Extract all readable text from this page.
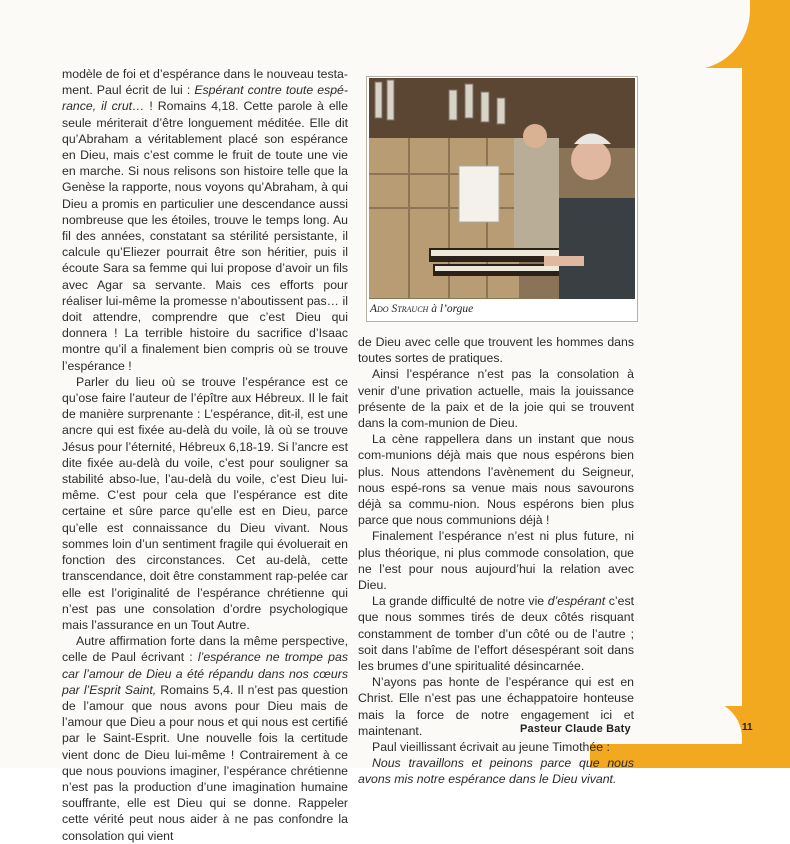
modèle de foi et d’espérance dans le nouveau testa-ment. Paul écrit de lui : Espérant contre toute espé-rance, il crut… ! Romains 4,18. Cette parole à elle seule mériterait d’être longuement méditée. Elle dit qu’Abraham a véritablement placé son espérance en Dieu, mais c’est comme le fruit de toute une vie en marche. Si nous relisons son histoire telle que la Genèse la rapporte, nous voyons qu’Abraham, à qui Dieu a promis en particulier une descendance aussi nombreuse que les étoiles, trouve le temps long. Au fil des années, constatant sa stérilité persistante, il calcule qu’Eliezer pourrait être son héritier, puis il écoute Sara sa femme qui lui propose d’avoir un fils avec Agar sa servante. Mais ces efforts pour réaliser lui-même la promesse n’aboutissent pas… il doit attendre, comprendre que c’est Dieu qui donnera ! La terrible histoire du sacrifice d’Isaac montre qu’il a finalement bien compris où se trouve l’espérance !

Parler du lieu où se trouve l’espérance est ce qu’ose faire l’auteur de l’épître aux Hébreux. Il le fait de manière surprenante : L’espérance, dit-il, est une ancre qui est fixée au-delà du voile, là où se trouve Jésus pour l’éternité, Hébreux 6,18-19. Si l’ancre est dite fixée au-delà du voile, c’est pour souligner sa stabilité abso-lue, l’au-delà du voile, c’est Dieu lui-même. C’est pour cela que l’espérance est dite certaine et sûre parce qu’elle est en Dieu, parce qu’elle est connaissance du Dieu vivant. Nous sommes loin d’un sentiment fragile qui évoluerait en fonction des circonstances. Cet au-delà, cette transcendance, doit être constamment rap-pelée car elle est l’originalité de l’espérance chrétienne qui n’est pas une consolation d’ordre psychologique mais l’assurance en un Tout Autre.

Autre affirmation forte dans la même perspective, celle de Paul écrivant : l’espérance ne trompe pas car l’amour de Dieu a été répandu dans nos cœurs par l’Esprit Saint, Romains 5,4. Il n’est pas question de l’amour que nous avons pour Dieu mais de l’amour que Dieu a pour nous et qui nous est certifié par le Saint-Esprit. Une nouvelle fois la certitude vient donc de Dieu lui-même ! Contrairement à ce que nous pouvions imaginer, l’espérance chrétienne n’est pas la production d’une imagination humaine souffrante, elle est Dieu qui se donne. Rappeler cette vérité peut nous aider à ne pas confondre la consolation qui vient

Ado Strauch à l’orgue

de Dieu avec celle que trouvent les hommes dans toutes sortes de pratiques.

Ainsi l’espérance n’est pas la consolation à venir d’une privation actuelle, mais la jouissance présente de la paix et de la joie qui se trouvent dans la com-munion de Dieu.

La cène rappellera dans un instant que nous com-munions déjà mais que nous espérons bien plus. Nous attendons l’avènement du Seigneur, nous espé-rons sa venue mais nous savourons déjà sa commu-nion. Nous espérons bien plus parce que nous communions déjà !

Finalement l’espérance n’est ni plus future, ni plus théorique, ni plus commode consolation, que ne l’est pour nous aujourd’hui la relation avec Dieu.

La grande difficulté de notre vie d’espérant c’est que nous sommes tirés de deux côtés risquant constamment de tomber d’un côté ou de l’autre ; soit dans l’abîme de l’effort désespérant soit dans les brumes d’une spiritualité désincarnée.

N’ayons pas honte de l’espérance qui est en Christ. Elle n’est pas une échappatoire honteuse mais la force de notre engagement ici et maintenant.

Paul vieillissant écrivait au jeune Timothée :

Nous travaillons et peinons parce que nous avons mis notre espérance dans le Dieu vivant.

Pasteur Claude Baty	11
